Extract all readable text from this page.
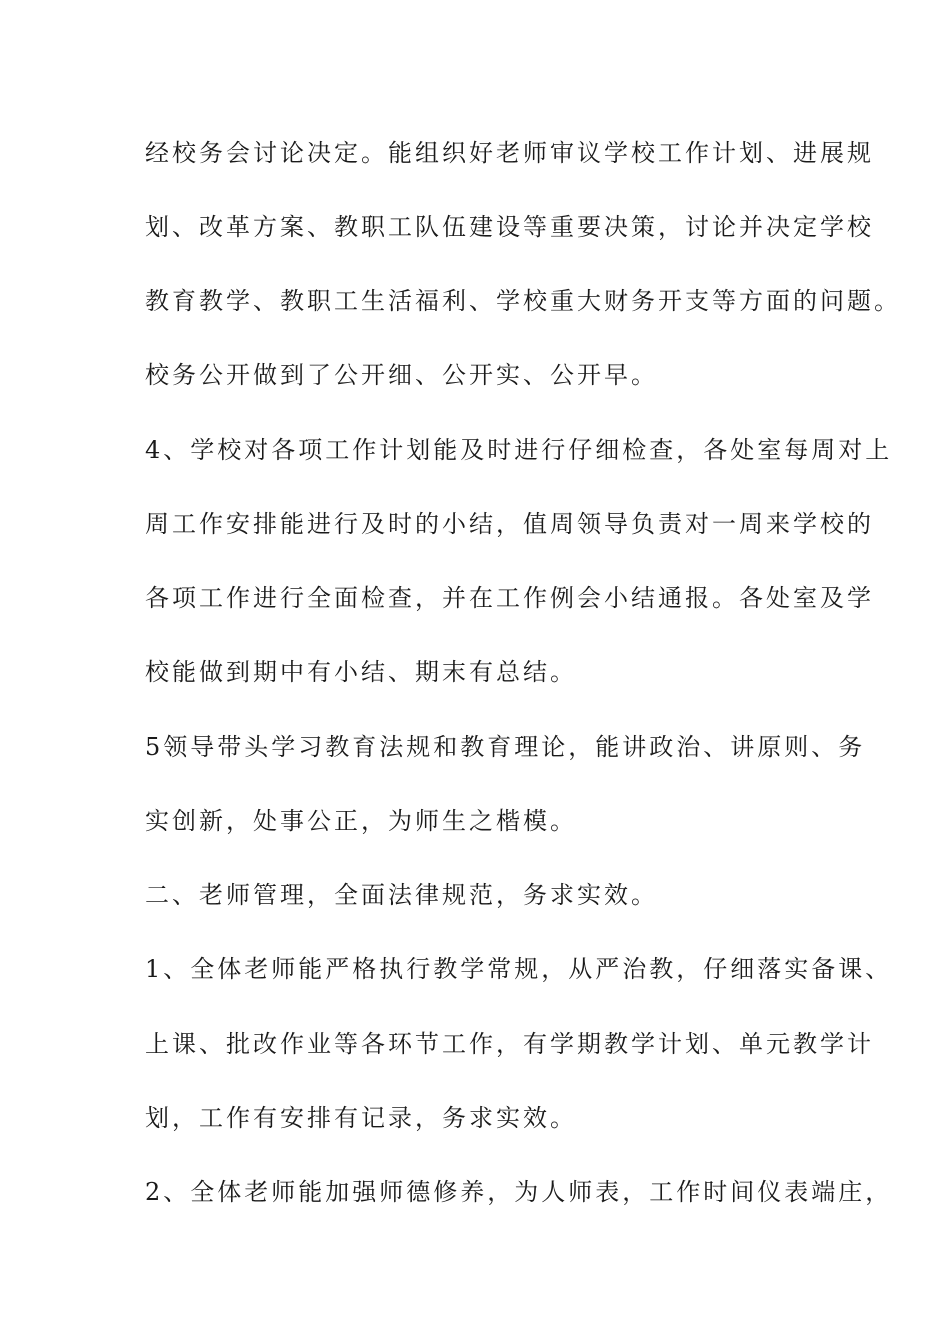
经校务会讨论决定。能组织好老师审议学校工作计划、进展规
划、改革方案、教职工队伍建设等重要决策，讨论并决定学校
教育教学、教职工生活福利、学校重大财务开支等方面的问题。
校务公开做到了公开细、公开实、公开早。
4、学校对各项工作计划能及时进行仔细检查，各处室每周对上
周工作安排能进行及时的小结，值周领导负责对一周来学校的
各项工作进行全面检查，并在工作例会小结通报。各处室及学
校能做到期中有小结、期末有总结。
5领导带头学习教育法规和教育理论，能讲政治、讲原则、务
实创新，处事公正，为师生之楷模。
二、老师管理，全面法律规范，务求实效。
1、全体老师能严格执行教学常规，从严治教，仔细落实备课、
上课、批改作业等各环节工作，有学期教学计划、单元教学计
划，工作有安排有记录，务求实效。
2、全体老师能加强师德修养，为人师表，工作时间仪表端庄，
